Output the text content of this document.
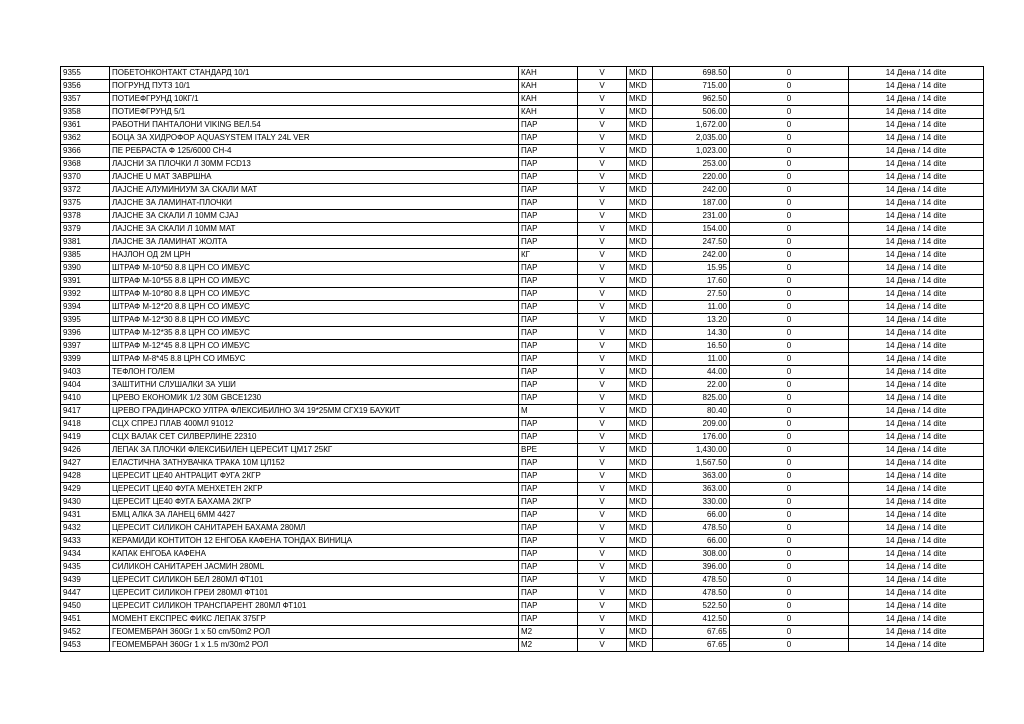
9355	ПОБЕТОНКОНТАКТ СТАНДАРД 10/1	КАН	V	MKD	698.50	0	14 Дена / 14 dite
9356	ПОГРУНД ПУТЗ 10/1	КАН	V	MKD	715.00	0	14 Дена / 14 dite
9357	ПОТИЕФГРУНД 10КГ/1	КАН	V	MKD	962.50	0	14 Дена / 14 dite
9358	ПОТИЕФГРУНД 5/1	КАН	V	MKD	506.00	0	14 Дена / 14 dite
9361	РАБОТНИ ПАНТАЛОНИ VIKING ВЕЛ.54	ПАР	V	MKD	1,672.00	0	14 Дена / 14 dite
9362	БОЦА ЗА ХИДРОФОР AQUASYSTEM ITALY 24L VER	ПАР	V	MKD	2,035.00	0	14 Дена / 14 dite
9366	ПЕ РЕБРАСТА Ф 125/6000 СН-4	ПАР	V	MKD	1,023.00	0	14 Дена / 14 dite
9368	ЛАЈСНИ ЗА ПЛОЧКИ Л 30ММ FCD13	ПАР	V	MKD	253.00	0	14 Дена / 14 dite
9370	ЛАЈСНЕ U МАТ ЗАВРШНА	ПАР	V	MKD	220.00	0	14 Дена / 14 dite
9372	ЛАЈСНЕ АЛУМИНИУМ ЗА СКАЛИ МАТ	ПАР	V	MKD	242.00	0	14 Дена / 14 dite
9375	ЛАЈСНЕ ЗА ЛАМИНАТ-ПЛОЧКИ	ПАР	V	MKD	187.00	0	14 Дена / 14 dite
9378	ЛАЈСНЕ ЗА СКАЛИ Л 10ММ CJAJ	ПАР	V	MKD	231.00	0	14 Дена / 14 dite
9379	ЛАЈСНЕ ЗА СКАЛИ Л 10ММ МАТ	ПАР	V	MKD	154.00	0	14 Дена / 14 dite
9381	ЛАЈСНЕ ЗА ЛАМИНАТ ЖОЛТА	ПАР	V	MKD	247.50	0	14 Дена / 14 dite
9385	НАЈЛОН ОД 2М ЦРН	КГ	V	MKD	242.00	0	14 Дена / 14 dite
9390	ШТРАФ М-10*50 8.8 ЦРН СО ИМБУС	ПАР	V	MKD	15.95	0	14 Дена / 14 dite
9391	ШТРАФ М-10*55 8.8 ЦРН СО ИМБУС	ПАР	V	MKD	17.60	0	14 Дена / 14 dite
9392	ШТРАФ М-10*80 8.8 ЦРН СО ИМБУС	ПАР	V	MKD	27.50	0	14 Дена / 14 dite
9394	ШТРАФ М-12*20 8.8 ЦРН СО ИМБУС	ПАР	V	MKD	11.00	0	14 Дена / 14 dite
9395	ШТРАФ М-12*30 8.8 ЦРН СО ИМБУС	ПАР	V	MKD	13.20	0	14 Дена / 14 dite
9396	ШТРАФ М-12*35 8.8 ЦРН СО ИМБУС	ПАР	V	MKD	14.30	0	14 Дена / 14 dite
9397	ШТРАФ М-12*45 8.8 ЦРН СО ИМБУС	ПАР	V	MKD	16.50	0	14 Дена / 14 dite
9399	ШТРАФ М-8*45 8.8 ЦРН СО ИМБУС	ПАР	V	MKD	11.00	0	14 Дена / 14 dite
9403	ТЕФЛОН ГОЛЕМ	ПАР	V	MKD	44.00	0	14 Дена / 14 dite
9404	ЗАШТИТНИ СЛУШАЛКИ ЗА УШИ	ПАР	V	MKD	22.00	0	14 Дена / 14 dite
9410	ЦРЕВО ЕКОНОМИК 1/2 30М GBCE1230	ПАР	V	MKD	825.00	0	14 Дена / 14 dite
9417	ЦРЕВО ГРАДИНАРСКО УЛТРА ФЛЕКСИБИЛНО 3/4 19*25ММ СГХ19 БАУКИТ	М	V	MKD	80.40	0	14 Дена / 14 dite
9418	СЦХ СПРЕЈ ПЛАВ 400МЛ 91012	ПАР	V	MKD	209.00	0	14 Дена / 14 dite
9419	СЦХ ВАЛАК СЕТ СИЛВЕРЛИНЕ 22310	ПАР	V	MKD	176.00	0	14 Дена / 14 dite
9426	ЛЕПАК ЗА ПЛОЧКИ ФЛЕКСИБИЛЕН ЦЕРЕСИТ ЦМ17 25КГ	ВРЕ	V	MKD	1,430.00	0	14 Дена / 14 dite
9427	ЕЛАСТИЧНА ЗАТНУВАЧКА ТРАКА 10М ЦЛ152	ПАР	V	MKD	1,567.50	0	14 Дена / 14 dite
9428	ЦЕРЕСИТ ЦЕ40 АНТРАЦИТ ФУГА 2КГР	ПАР	V	MKD	363.00	0	14 Дена / 14 dite
9429	ЦЕРЕСИТ ЦЕ40 ФУГА МЕНХЕТЕН 2КГР	ПАР	V	MKD	363.00	0	14 Дена / 14 dite
9430	ЦЕРЕСИТ ЦЕ40 ФУГА БАХАМА 2КГР	ПАР	V	MKD	330.00	0	14 Дена / 14 dite
9431	БМЦ АЛКА ЗА ЛАНЕЦ 6ММ 4427	ПАР	V	MKD	66.00	0	14 Дена / 14 dite
9432	ЦЕРЕСИТ СИЛИКОН САНИТАРЕН БАХАМА 280МЛ	ПАР	V	MKD	478.50	0	14 Дена / 14 dite
9433	КЕРАМИДИ КОНТИТОН 12 ЕНГОБА КАФЕНА ТОНДАХ ВИНИЦА	ПАР	V	MKD	66.00	0	14 Дена / 14 dite
9434	КАПАК ЕНГОБА КАФЕНА	ПАР	V	MKD	308.00	0	14 Дена / 14 dite
9435	СИЛИКОН САНИТАРЕН ЈАСМИН 280ML	ПАР	V	MKD	396.00	0	14 Дена / 14 dite
9439	ЦЕРЕСИТ СИЛИКОН БЕЛ 280МЛ ФТ101	ПАР	V	MKD	478.50	0	14 Дена / 14 dite
9447	ЦЕРЕСИТ СИЛИКОН ГРЕИ 280МЛ ФТ101	ПАР	V	MKD	478.50	0	14 Дена / 14 dite
9450	ЦЕРЕСИТ СИЛИКОН ТРАНСПАРЕНТ 280МЛ ФТ101	ПАР	V	MKD	522.50	0	14 Дена / 14 dite
9451	МОМЕНТ ЕКСПРЕС ФИКС ЛЕПАК 375ГР	ПАР	V	MKD	412.50	0	14 Дена / 14 dite
9452	ГЕОМЕМБРАН 360Gr 1 x 50 cm/50m2 РОЛ	М2	V	MKD	67.65	0	14 Дена / 14 dite
9453	ГЕОМЕМБРАН 360Gr 1 x 1.5 m/30m2 РОЛ	М2	V	MKD	67.65	0	14 Дена / 14 dite
